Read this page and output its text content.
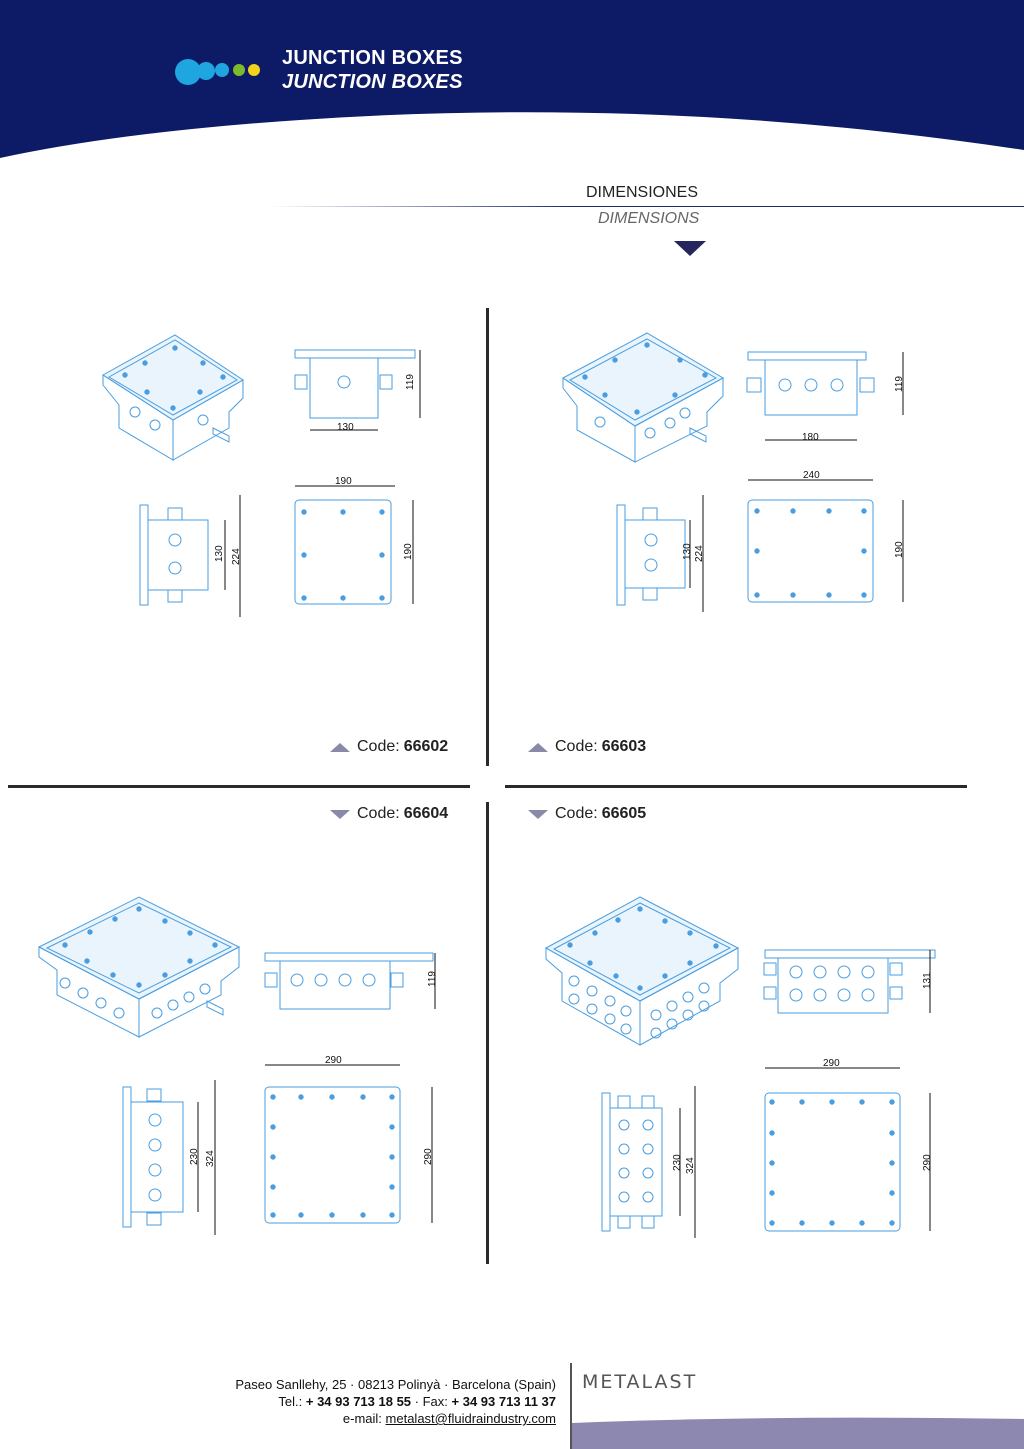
JUNCTION BOXES
JUNCTION BOXES
DIMENSIONES
DIMENSIONS
Code: 66602	Code: 66603
Code: 66604	Code: 66605
119
130
130 224
190
190
119
180
130 224
240
190
119
230 324
290
290
131
230 324
290
290
Paseo Sanllehy, 25 · 08213 Polinyà · Barcelona (Spain)
Tel.: + 34 93 713 18 55 · Fax: + 34 93 713 11 37
e-mail: metalast@fluidraindustry.com
METALAST
